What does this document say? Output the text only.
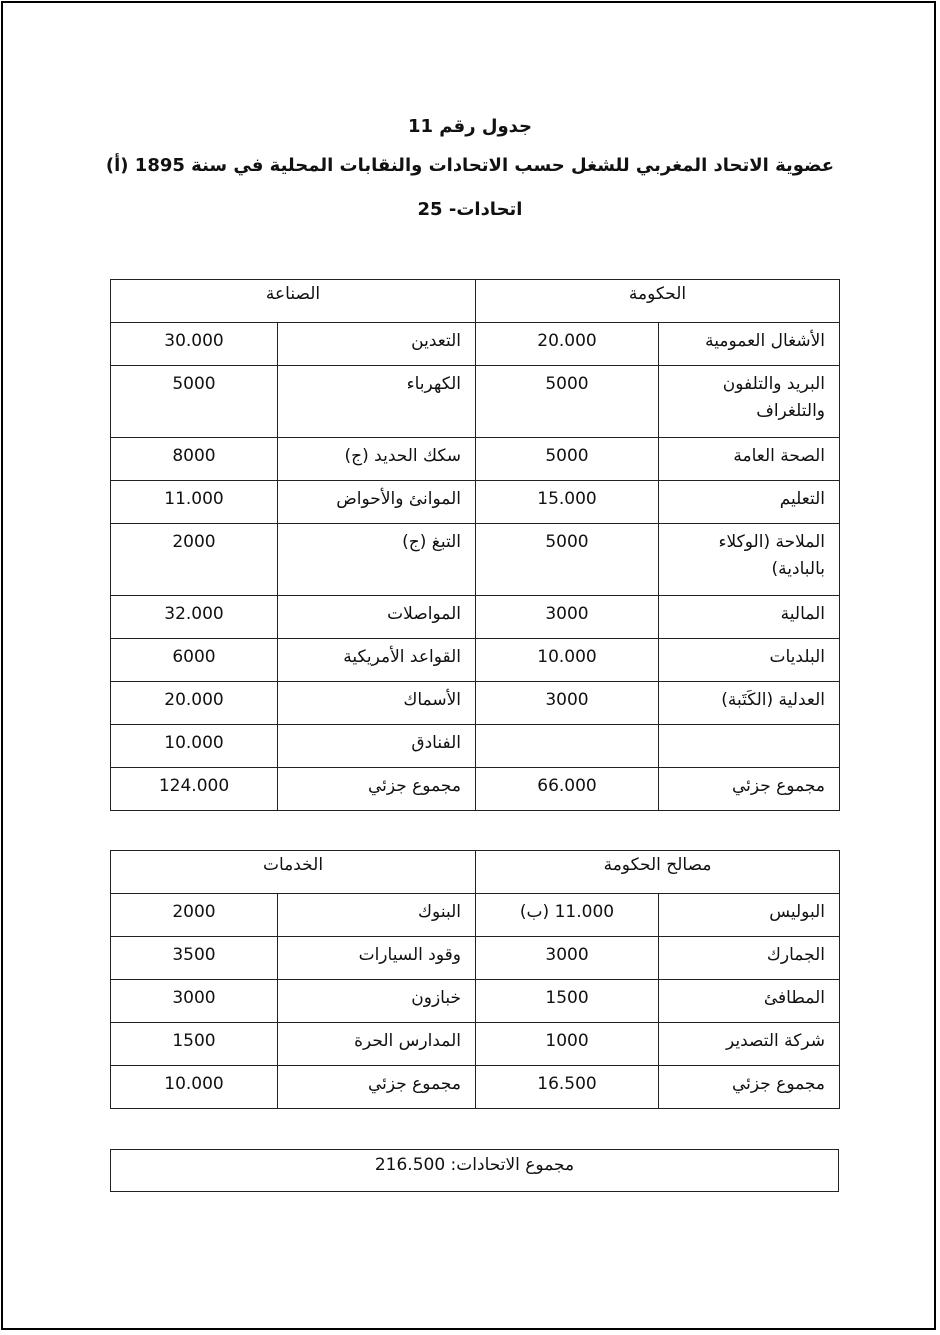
جدول رقم 11
عضوية الاتحاد المغربي للشغل حسب الاتحادات والنقابات المحلية في سنة 1895 (أ)
اتحادات- 25
الحكومة		الصناعة	
الأشغال العمومية	20.000	التعدين	30.000
البريد والتلفون والتلغراف	5000	الكهرباء	5000
الصحة العامة	5000	سكك الحديد (ج)	8000
التعليم	15.000	الموانئ والأحواض	11.000
الملاحة (الوكلاء بالبادية)	5000	التبغ (ج)	2000
المالية	3000	المواصلات	32.000
البلديات	10.000	القواعد الأمريكية	6000
العدلية (الكَتَبة)	3000	الأسماك	20.000
		الفنادق	10.000
مجموع جزئي	66.000	مجموع جزئي	124.000
مصالح الحكومة		الخدمات	
البوليس	11.000 (ب)	البنوك	2000
الجمارك	3000	وقود السيارات	3500
المطافئ	1500	خبازون	3000
شركة التصدير	1000	المدارس الحرة	1500
مجموع جزئي	16.500	مجموع جزئي	10.000
مجموع الاتحادات: 216.500
